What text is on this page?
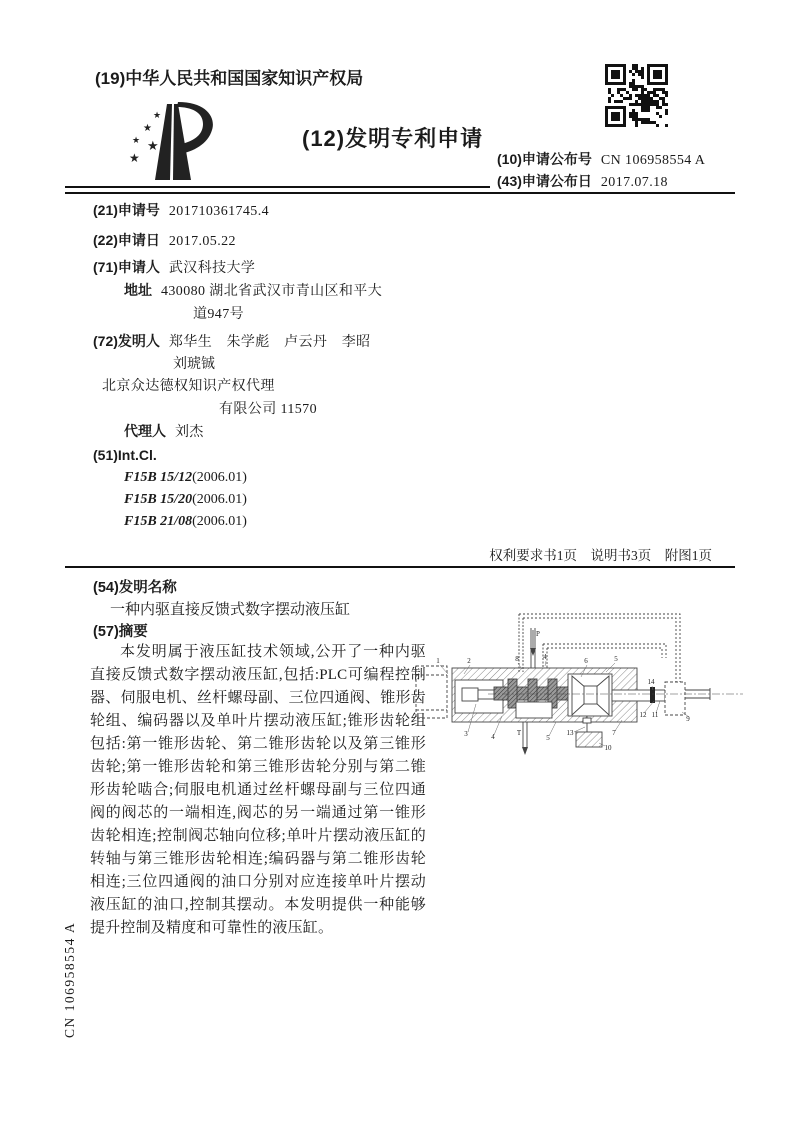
(19)中华人民共和国国家知识产权局
★
★
★ ★
★
(12)发明专利申请
(10)申请公布号 CN 106958554 A
(43)申请公布日 2017.07.18
(21)申请号 201710361745.4
(22)申请日 2017.05.22
(71)申请人 武汉科技大学
地址 430080 湖北省武汉市青山区和平大
道947号
(72)发明人 郑华生　朱学彪　卢云丹　李昭
刘琥铖
北京众达德权知识产权代理
有限公司 11570
代理人 刘杰
(51)Int.Cl.
F15B 15/12(2006.01)
F15B 15/20(2006.01)
F15B 21/08(2006.01)
权利要求书1页　说明书3页　附图1页
(54)发明名称
一种内驱直接反馈式数字摆动液压缸
(57)摘要
本发明属于液压缸技术领域,公开了一种内驱直接反馈式数字摆动液压缸,包括:PLC可编程控制器、伺服电机、丝杆螺母副、三位四通阀、锥形齿轮组、编码器以及单叶片摆动液压缸;锥形齿轮组包括:第一锥形齿轮、第二锥形齿轮以及第三锥形齿轮;第一锥形齿轮和第三锥形齿轮分别与第二锥形齿轮啮合;伺服电机通过丝杆螺母副与三位四通阀的阀芯的一端相连,阀芯的另一端通过第一锥形齿轮相连;控制阀芯轴向位移;单叶片摆动液压缸的转轴与第三锥形齿轮相连;编码器与第二锥形齿轮相连;三位四通阀的油口分别对应连接单叶片摆动液压缸的油口,控制其摆动。本发明提供一种能够提升控制及精度和可靠性的液压缸。
1	2	8
P
4	6	5
14
12 11	9
3	4	T
5
13	7
10
CN 106958554 A
